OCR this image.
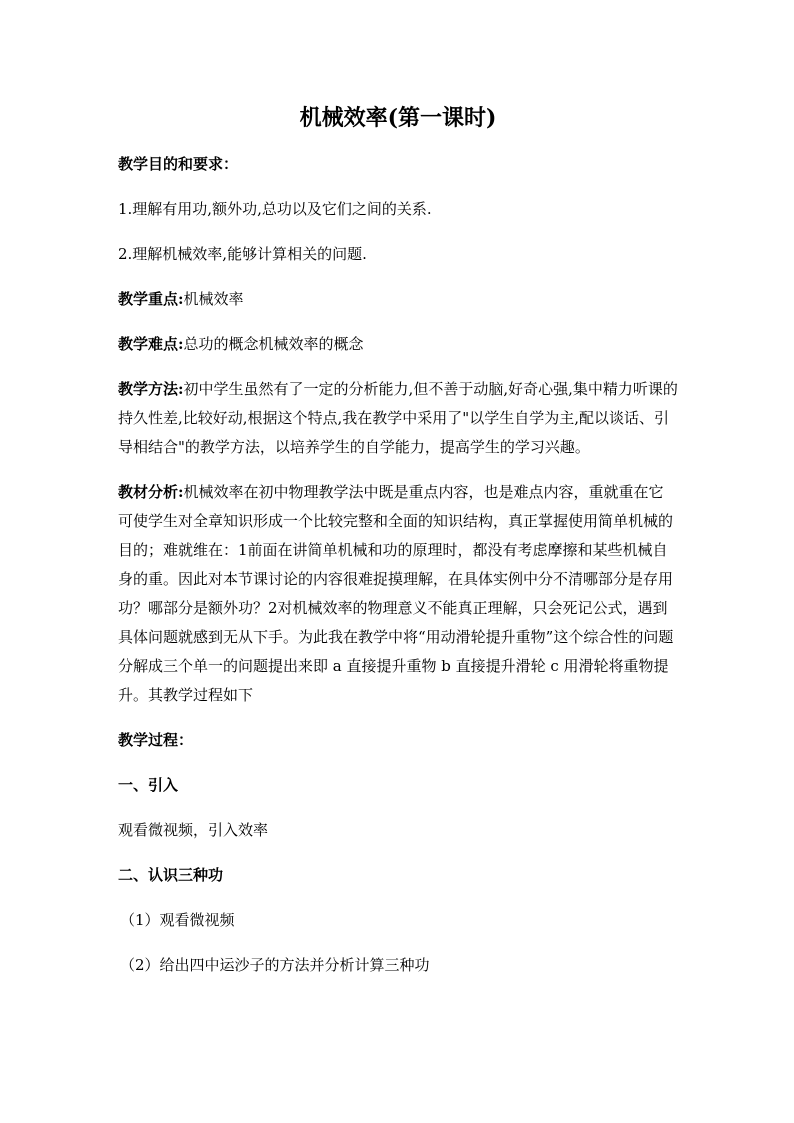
机械效率(第一课时)
教学目的和要求：
1.理解有用功,额外功,总功以及它们之间的关系.
2.理解机械效率,能够计算相关的问题.
教学重点:机械效率
教学难点:总功的概念机械效率的概念
教学方法:初中学生虽然有了一定的分析能力,但不善于动脑,好奇心强,集中精力听课的持久性差,比较好动,根据这个特点,我在教学中采用了"以学生自学为主,配以谈话、引导相结合"的教学方法，以培养学生的自学能力，提高学生的学习兴趣。
教材分析:机械效率在初中物理教学法中既是重点内容，也是难点内容，重就重在它可使学生对全章知识形成一个比较完整和全面的知识结构，真正掌握使用简单机械的目的；难就维在：1前面在讲简单机械和功的原理时，都没有考虑摩擦和某些机械自身的重。因此对本节课讨论的内容很难捉摸理解，在具体实例中分不清哪部分是存用功？哪部分是额外功？2对机械效率的物理意义不能真正理解，只会死记公式，遇到具体问题就感到无从下手。为此我在教学中将“用动滑轮提升重物”这个综合性的问题分解成三个单一的问题提出来即 a 直接提升重物 b 直接提升滑轮 c 用滑轮将重物提升。其教学过程如下
教学过程：
一、引入
观看微视频，引入效率
二、认识三种功
（1）观看微视频
（2）给出四中运沙子的方法并分析计算三种功
